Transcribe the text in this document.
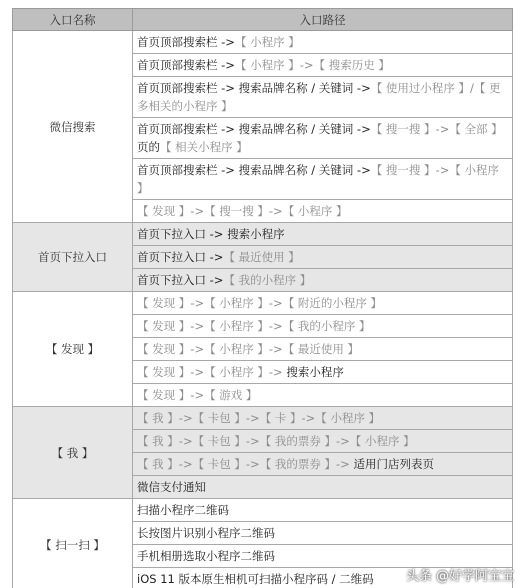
入口名称	入口路径
微信搜索	首页顶部搜索栏 ->【 小程序 】
	首页顶部搜索栏 ->【 小程序 】->【 搜索历史 】
	首页顶部搜索栏 -> 搜索品牌名称 / 关键词 ->【 使用过小程序 】/【 更多相关的小程序 】
	首页顶部搜索栏 -> 搜索品牌名称 / 关键词 ->【 搜一搜 】->【 全部 】页的【 相关小程序 】
	首页顶部搜索栏 -> 搜索品牌名称 / 关键词 ->【 搜一搜 】->【 小程序 】
	【 发现 】->【 搜一搜 】->【 小程序 】
首页下拉入口	首页下拉入口 -> 搜索小程序
	首页下拉入口 ->【 最近使用 】
	首页下拉入口 ->【 我的小程序 】
【 发现 】	【 发现 】->【 小程序 】->【 附近的小程序 】
	【 发现 】->【 小程序 】->【 我的小程序 】
	【 发现 】->【 小程序 】->【 最近使用 】
	【 发现 】->【 小程序 】-> 搜索小程序
	【 发现 】->【 游戏 】
【 我 】	【 我 】->【 卡包 】->【 卡 】->【 小程序 】
	【 我 】->【 卡包 】->【 我的票券 】->【 小程序 】
	【 我 】->【 卡包 】->【 我的票券 】-> 适用门店列表页
	微信支付通知
【 扫一扫 】	扫描小程序二维码
	长按图片识别小程序二维码
	手机相册选取小程序二维码
	iOS 11 版本原生相机可扫描小程序码 / 二维码 头条 @好学阿宝宝
